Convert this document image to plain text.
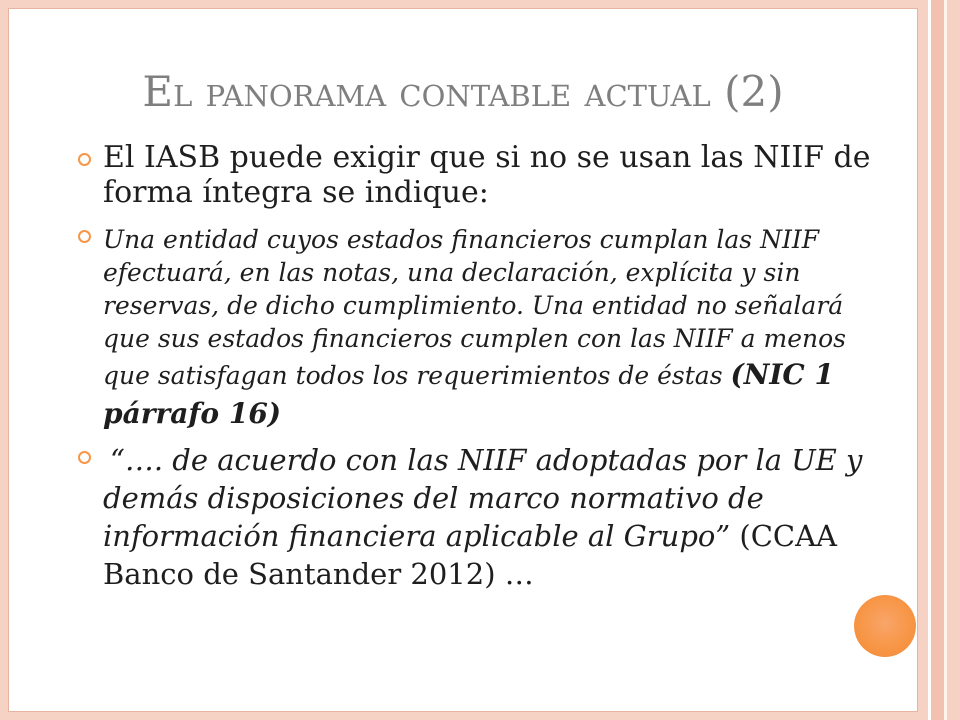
El panorama contable actual (2)
El IASB puede exigir que si no se usan las NIIF de
forma íntegra se indique:
Una entidad cuyos estados financieros cumplan las NIIF
efectuará, en las notas, una declaración, explícita y sin
reservas, de dicho cumplimiento. Una entidad no señalará
que sus estados financieros cumplen con las NIIF a menos
que satisfagan todos los requerimientos de éstas (NIC 1
párrafo 16)
“…. de acuerdo con las NIIF adoptadas por la UE y
demás disposiciones del marco normativo de
información financiera aplicable al Grupo” (CCAA
Banco de Santander 2012) …
